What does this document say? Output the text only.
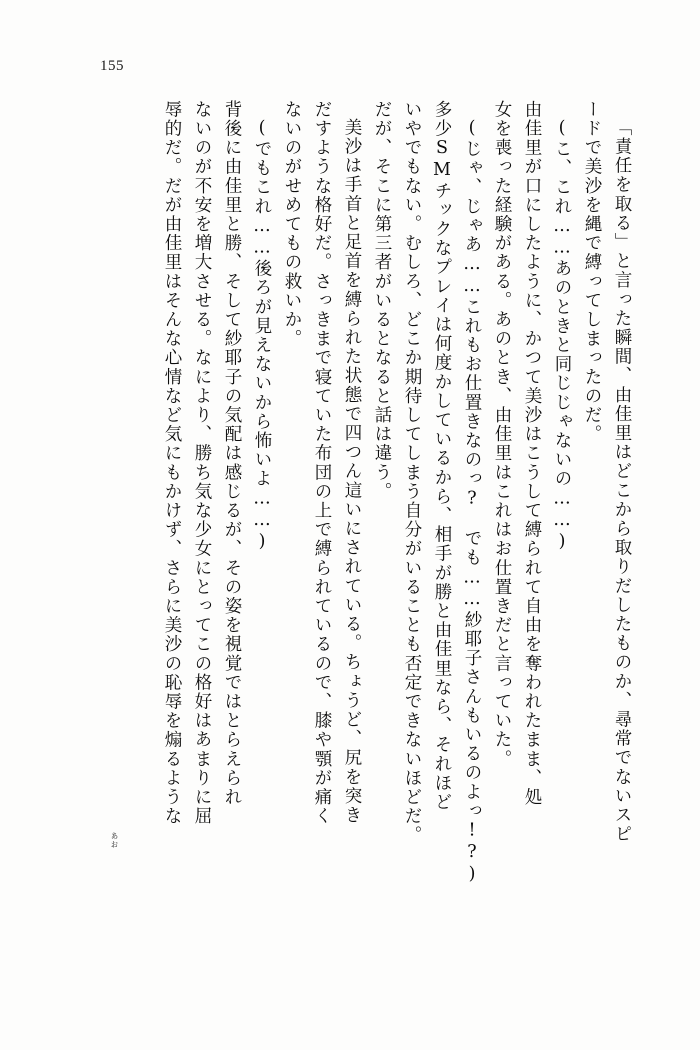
155
「責任を取る」と言った瞬間、由佳里はどこから取りだしたものか、尋常でないスピ
ードで美沙を縄で縛ってしまったのだ。
(こ、これ……あのときと同じじゃないの……)
由佳里が口にしたように、かつて美沙はこうして縛られて自由を奪われたまま、処
女を喪った経験がある。あのとき、由佳里はこれはお仕置きだと言っていた。
(じゃ、じゃあ……これもお仕置きなのっ?　でも……紗耶子さんもいるのよっ!?)
多少SMチックなプレイは何度かしているから、相手が勝と由佳里なら、それほど
いやでもない。むしろ、どこか期待してしまう自分がいることも否定できないほどだ。
だが、そこに第三者がいるとなると話は違う。
美沙は手首と足首を縛られた状態で四つん這いにされている。ちょうど、尻を突き
だすような格好だ。さっきまで寝ていた布団の上で縛られているので、膝や顎が痛く
ないのがせめてもの救いか。
(でもこれ……後ろが見えないから怖いよ……)
背後に由佳里と勝、そして紗耶子の気配は感じるが、その姿を視覚ではとらえられ
ないのが不安を増大させる。なにより、勝ち気な少女にとってこの格好はあまりに屈
辱的だ。だが由佳里はそんな心情など気にもかけず、さらに美沙の恥辱を煽るような
あお
